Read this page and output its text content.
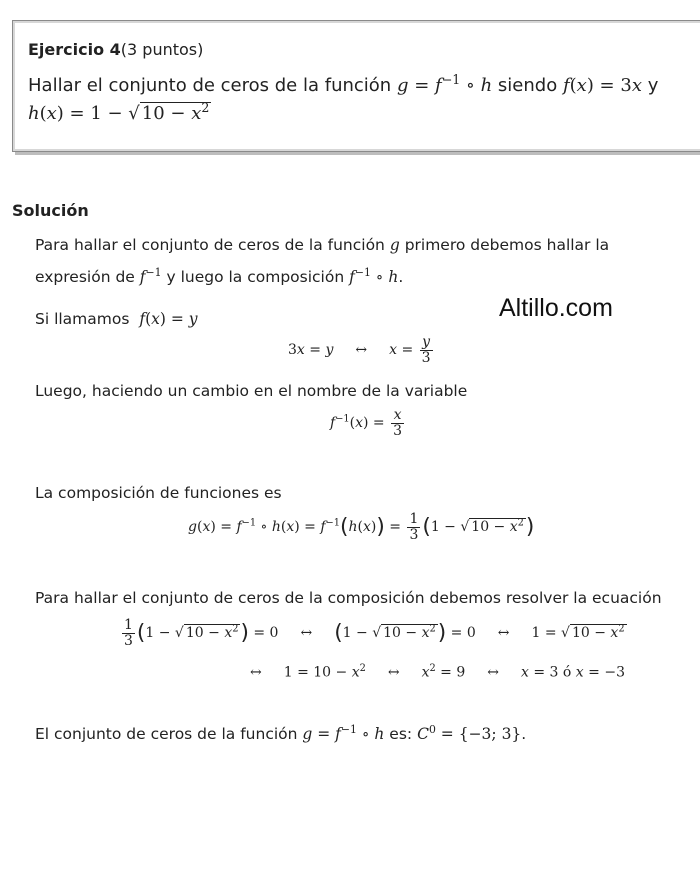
Ejercicio 4(3 puntos)
Hallar el conjunto de ceros de la función $g = f^{-1}$ ∘ h siendo f(x) = 3x y
h(x) = 1 − √ $10 - x^2$
Solución
Para hallar el conjunto de ceros de la función g primero debemos hallar la
expresión de $f^{-1}$ y luego la composición $f^{-1}$ ∘ h.
Altillo.com
Si llamamos f(x) = y
3x = y ↔ $x = \frac{y}{3}$
Luego, haciendo un cambio en el nombre de la variable
$f^{-1}(x) = \frac{x}{3}$
La composición de funciones es
$g(x) = f^{-1}$ ∘ $h(x) = f^{-1}(h(x)) = \frac{1}{3} (1$ − √ $10 - x^2$)
Para hallar el conjunto de ceros de la composición debemos resolver la ecuación
$\frac{1}{3} (1$ − √ $10 - x^2) = 0$ ↔ (1 − √ $10 - x^2) = 0$ ↔ 1 = √ $10 - x^2$
↔ $1 = 10 - x^2$ ↔ $x^2 = 9$ ↔ x = 3 ó x = −3
El conjunto de ceros de la función $g = f^{-1}$ ∘ h es: $C^0 = \{-3$; 3}.
